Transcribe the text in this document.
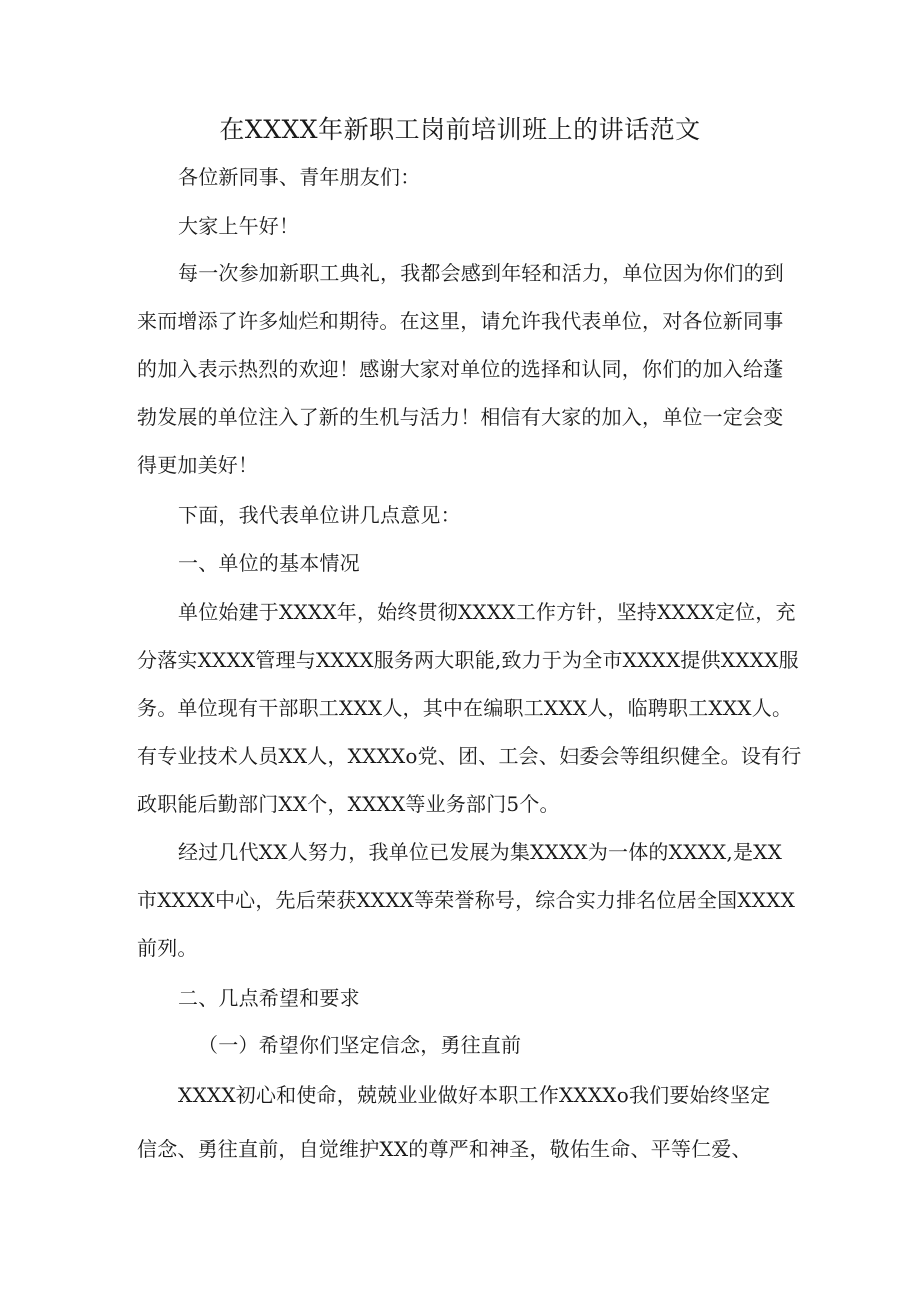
在XXXX年新职工岗前培训班上的讲话范文
各位新同事、青年朋友们：
大家上午好！
每一次参加新职工典礼，我都会感到年轻和活力，单位因为你们的到
来而增添了许多灿烂和期待。在这里，请允许我代表单位，对各位新同事
的加入表示热烈的欢迎！感谢大家对单位的选择和认同，你们的加入给蓬
勃发展的单位注入了新的生机与活力！相信有大家的加入，单位一定会变
得更加美好！
下面，我代表单位讲几点意见：
一、单位的基本情况
单位始建于XXXX年，始终贯彻XXXX工作方针，坚持XXXX定位，充
分落实XXXX管理与XXXX服务两大职能,致力于为全市XXXX提供XXXX服
务。单位现有干部职工XXX人，其中在编职工XXX人，临聘职工XXX人。
有专业技术人员XX人，XXXXo党、团、工会、妇委会等组织健全。设有行
政职能后勤部门XX个，XXXX等业务部门5个。
经过几代XX人努力，我单位已发展为集XXXX为一体的XXXX,是XX
市XXXX中心，先后荣获XXXX等荣誉称号，综合实力排名位居全国XXXX
前列。
二、几点希望和要求
（一）希望你们坚定信念，勇往直前
XXXX初心和使命，兢兢业业做好本职工作XXXXo我们要始终坚定
信念、勇往直前，自觉维护XX的尊严和神圣，敬佑生命、平等仁爱、
